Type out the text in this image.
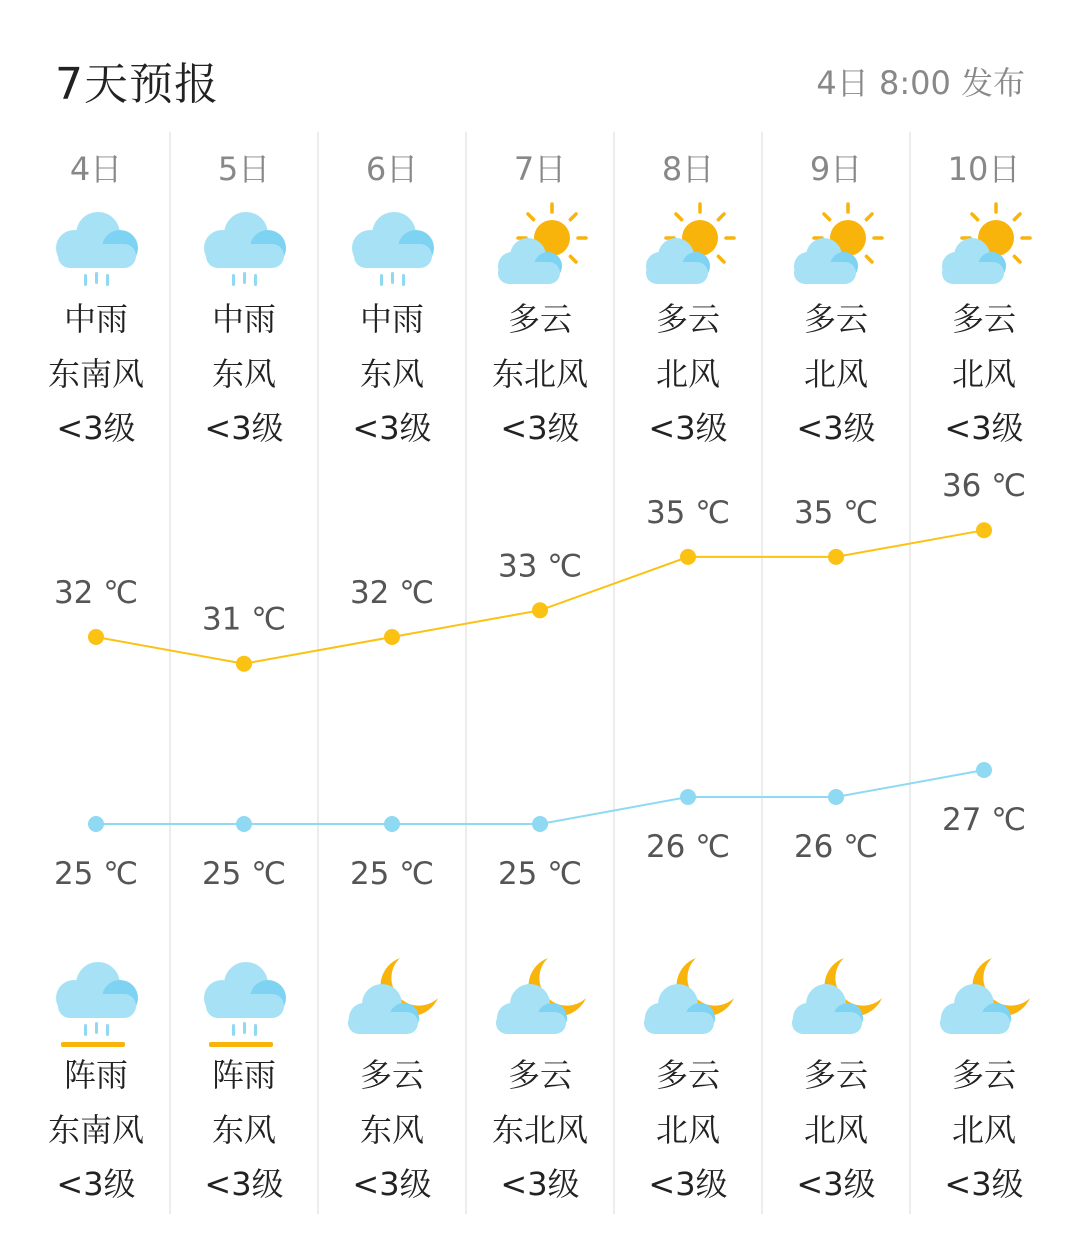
7天预报	4日 8:00 发布
4日
中雨
东南风
<3级
阵雨
东南风
<3级
5日
中雨
东风
<3级
阵雨
东风
<3级
6日
中雨
东风
<3级
多云
东风
<3级
7日
多云
东北风
<3级
多云
东北风
<3级
8日
多云
北风
<3级
多云
北风
<3级
9日
多云
北风
<3级
多云
北风
<3级
10日
多云
北风
<3级
多云
北风
<3级
32 ℃
31 ℃
32 ℃
33 ℃
35 ℃ 35 ℃
36 ℃
25 ℃ 25 ℃ 25 ℃ 25 ℃
26 ℃ 26 ℃
27 ℃
